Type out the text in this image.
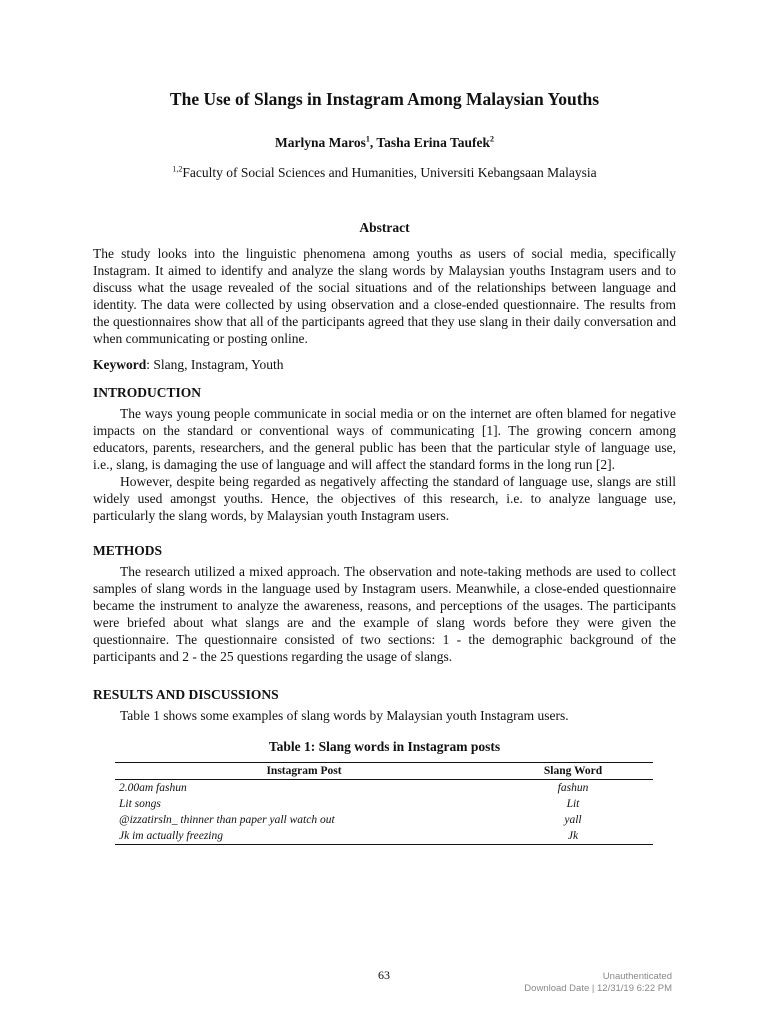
The Use of Slangs in Instagram Among Malaysian Youths
Marlyna Maros$^1$, Tasha Erina Taufek$^2$
$^{1,2}$Faculty of Social Sciences and Humanities, Universiti Kebangsaan Malaysia
Abstract

The study looks into the linguistic phenomena among youths as users of social media, specifically Instagram. It aimed to identify and analyze the slang words by Malaysian youths Instagram users and to discuss what the usage revealed of the social situations and of the relationships between language and identity. The data were collected by using observation and a close-ended questionnaire. The results from the questionnaires show that all of the participants agreed that they use slang in their daily conversation and when communicating or posting online.

Keyword: Slang, Instagram, Youth

INTRODUCTION

The ways young people communicate in social media or on the internet are often blamed for negative impacts on the standard or conventional ways of communicating [1]. The growing concern among educators, parents, researchers, and the general public has been that the particular style of language use, i.e., slang, is damaging the use of language and will affect the standard forms in the long run [2].

However, despite being regarded as negatively affecting the standard of language use, slangs are still widely used amongst youths. Hence, the objectives of this research, i.e. to analyze language use, particularly the slang words, by Malaysian youth Instagram users.

METHODS

The research utilized a mixed approach. The observation and note-taking methods are used to collect samples of slang words in the language used by Instagram users. Meanwhile, a close-ended questionnaire became the instrument to analyze the awareness, reasons, and perceptions of the usages. The participants were briefed about what slangs are and the example of slang words before they were given the questionnaire. The questionnaire consisted of two sections: 1 - the demographic background of the participants and 2 - the 25 questions regarding the usage of slangs.

RESULTS AND DISCUSSIONS

Table 1 shows some examples of slang words by Malaysian youth Instagram users.

Table 1: Slang words in Instagram posts
Instagram Post	Slang Word
2.00am fashun	fashun
Lit songs	Lit
@izzatirsln_ thinner than paper yall watch out	yall
Jk im actually freezing	Jk
63	Unauthenticated
Download Date | 12/31/19 6:22 PM
